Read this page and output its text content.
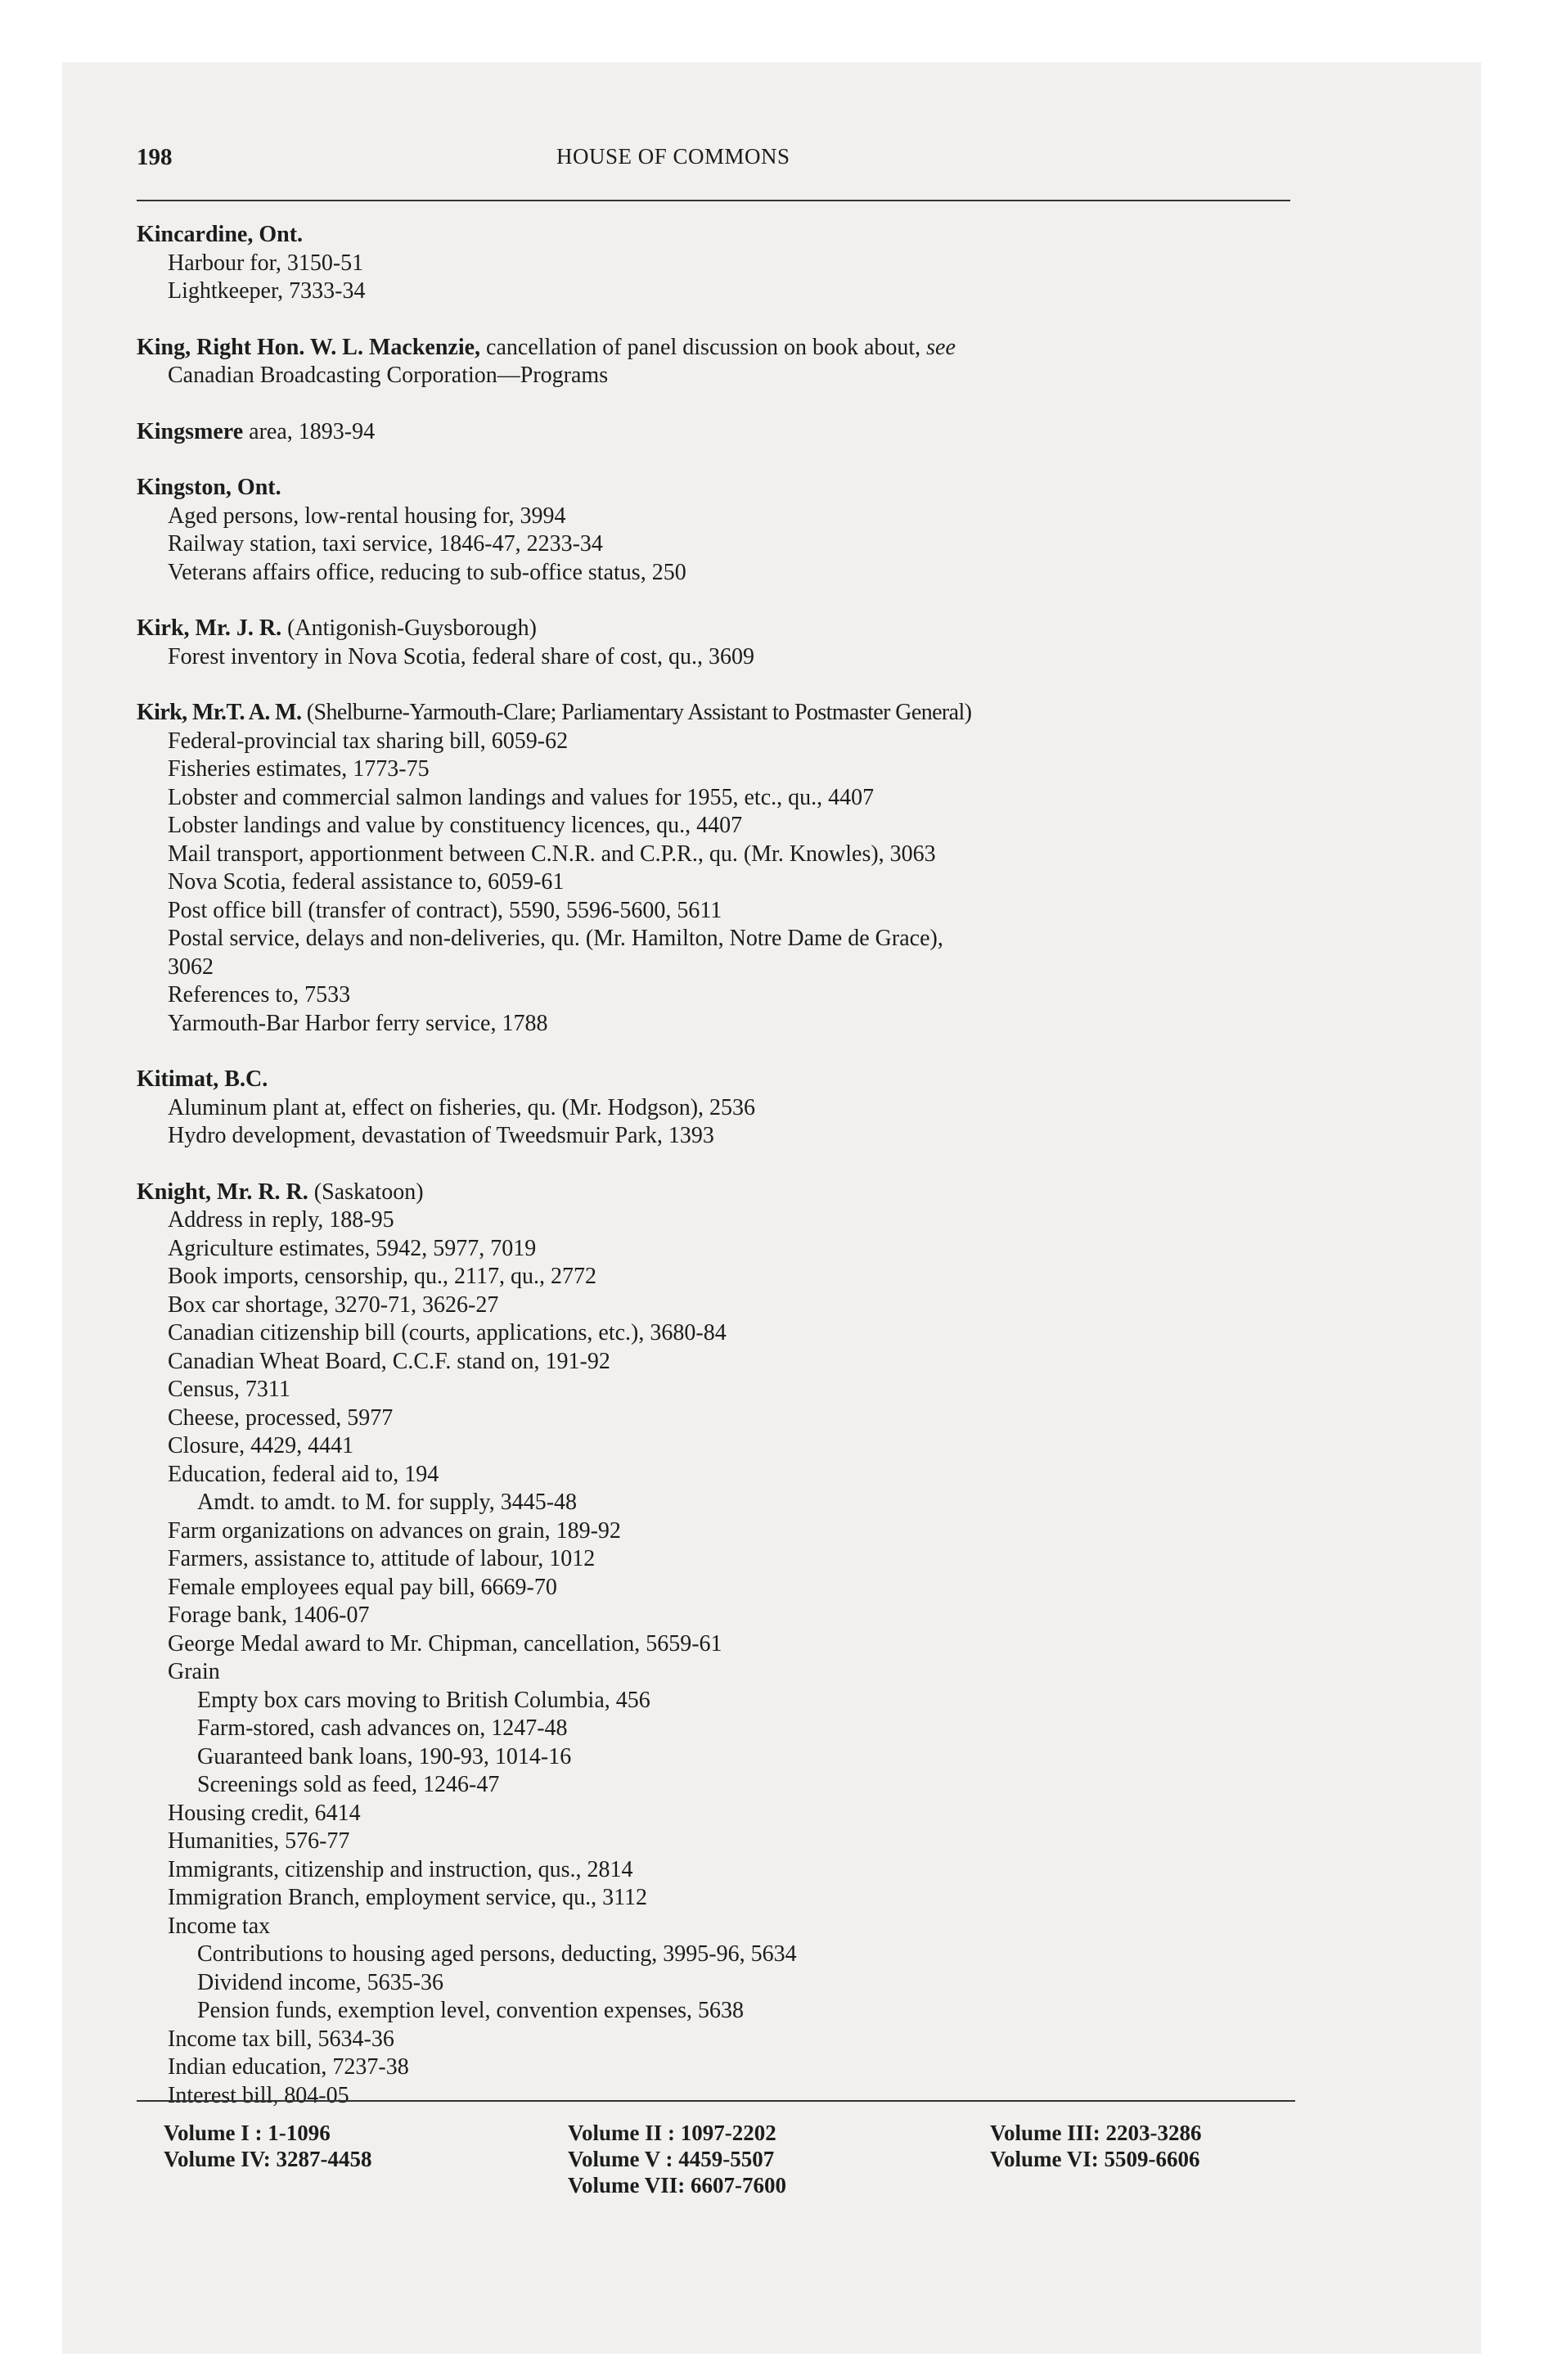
198	HOUSE OF COMMONS
Kincardine, Ont.
Harbour for, 3150-51
Lightkeeper, 7333-34
King, Right Hon. W. L. Mackenzie, cancellation of panel discussion on book about, see
Canadian Broadcasting Corporation—Programs
Kingsmere area, 1893-94
Kingston, Ont.
Aged persons, low-rental housing for, 3994
Railway station, taxi service, 1846-47, 2233-34
Veterans affairs office, reducing to sub-office status, 250
Kirk, Mr. J. R. (Antigonish-Guysborough)
Forest inventory in Nova Scotia, federal share of cost, qu., 3609
Kirk, Mr.T. A. M. (Shelburne-Yarmouth-Clare; Parliamentary Assistant to Postmaster General)
Federal-provincial tax sharing bill, 6059-62
Fisheries estimates, 1773-75
Lobster and commercial salmon landings and values for 1955, etc., qu., 4407
Lobster landings and value by constituency licences, qu., 4407
Mail transport, apportionment between C.N.R. and C.P.R., qu. (Mr. Knowles), 3063
Nova Scotia, federal assistance to, 6059-61
Post office bill (transfer of contract), 5590, 5596-5600, 5611
Postal service, delays and non-deliveries, qu. (Mr. Hamilton, Notre Dame de Grace),
3062
References to, 7533
Yarmouth-Bar Harbor ferry service, 1788
Kitimat, B.C.
Aluminum plant at, effect on fisheries, qu. (Mr. Hodgson), 2536
Hydro development, devastation of Tweedsmuir Park, 1393
Knight, Mr. R. R. (Saskatoon)
Address in reply, 188-95
Agriculture estimates, 5942, 5977, 7019
Book imports, censorship, qu., 2117, qu., 2772
Box car shortage, 3270-71, 3626-27
Canadian citizenship bill (courts, applications, etc.), 3680-84
Canadian Wheat Board, C.C.F. stand on, 191-92
Census, 7311
Cheese, processed, 5977
Closure, 4429, 4441
Education, federal aid to, 194
Amdt. to amdt. to M. for supply, 3445-48
Farm organizations on advances on grain, 189-92
Farmers, assistance to, attitude of labour, 1012
Female employees equal pay bill, 6669-70
Forage bank, 1406-07
George Medal award to Mr. Chipman, cancellation, 5659-61
Grain
Empty box cars moving to British Columbia, 456
Farm-stored, cash advances on, 1247-48
Guaranteed bank loans, 190-93, 1014-16
Screenings sold as feed, 1246-47
Housing credit, 6414
Humanities, 576-77
Immigrants, citizenship and instruction, qus., 2814
Immigration Branch, employment service, qu., 3112
Income tax
Contributions to housing aged persons, deducting, 3995-96, 5634
Dividend income, 5635-36
Pension funds, exemption level, convention expenses, 5638
Income tax bill, 5634-36
Indian education, 7237-38
Interest bill, 804-05
Volume I : 1-1096
Volume IV: 3287-4458
Volume II : 1097-2202
Volume V : 4459-5507
Volume VII: 6607-7600
Volume III: 2203-3286
Volume VI: 5509-6606
